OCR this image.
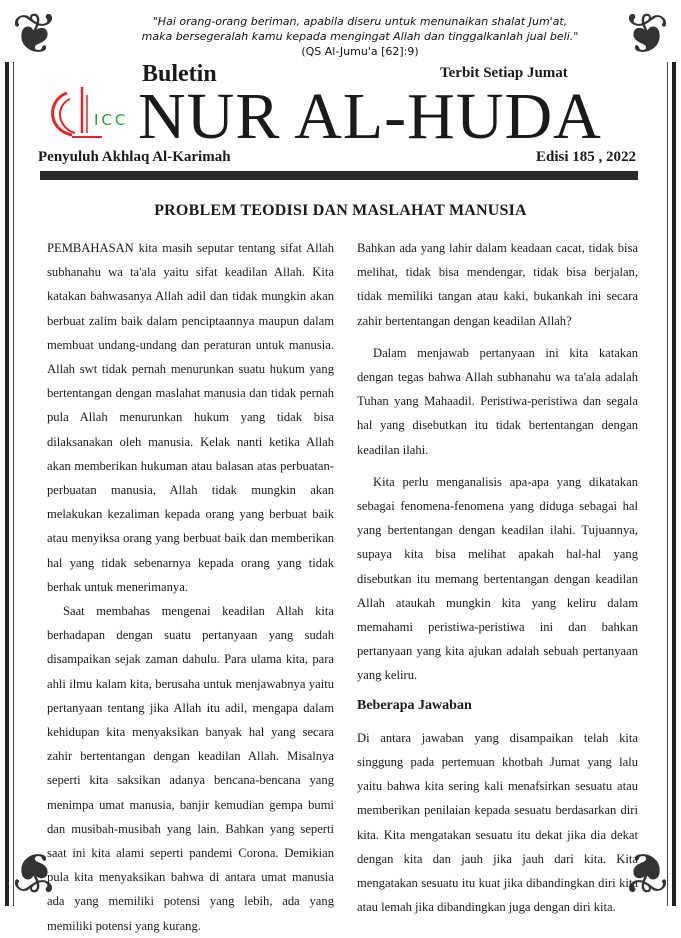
❦	❦
❦	❦
"Hai orang-orang beriman, apabila diseru untuk menunaikan shalat Jum'at,
maka bersegeralah kamu kepada mengingat Allah dan tinggalkanlah jual beli."
(QS Al-Jumu'a [62]:9)
Buletin	Terbit Setiap Jumat
ICC NUR AL-HUDA
Penyuluh Akhlaq Al-Karimah	Edisi 185 , 2022
PROBLEM TEODISI DAN MASLAHAT MANUSIA

PEMBAHASAN kita masih seputar tentang sifat Allah subhanahu wa ta'ala yaitu sifat keadilan Allah. Kita katakan bahwasanya Allah adil dan tidak mungkin akan berbuat zalim baik dalam penciptaannya maupun dalam membuat undang-undang dan peraturan untuk manusia. Allah swt tidak pernah menurunkan suatu hukum yang bertentangan dengan maslahat manusia dan tidak pernah pula Allah menurunkan hukum yang tidak bisa dilaksanakan oleh manusia. Kelak nanti ketika Allah akan memberikan hukuman atau balasan atas perbuatan-perbuatan manusia, Allah tidak mungkin akan melakukan kezaliman kepada orang yang berbuat baik atau menyiksa orang yang berbuat baik dan memberikan hal yang tidak sebenarnya kepada orang yang tidak berhak untuk menerimanya.

Saat membahas mengenai keadilan Allah kita berhadapan dengan suatu pertanyaan yang sudah disampaikan sejak zaman dahulu. Para ulama kita, para ahli ilmu kalam kita, berusaha untuk menjawabnya yaitu pertanyaan tentang jika Allah itu adil, mengapa dalam kehidupan kita menyaksikan banyak hal yang secara zahir bertentangan dengan keadilan Allah. Misalnya seperti kita saksikan adanya bencana-bencana yang menimpa umat manusia, banjir kemudian gempa bumi dan musibah-musibah yang lain. Bahkan yang seperti saat ini kita alami seperti pandemi Corona. Demikian pula kita menyaksikan bahwa di antara umat manusia ada yang memiliki potensi yang lebih, ada yang memiliki potensi yang kurang.

Bahkan ada yang lahir dalam keadaan cacat, tidak bisa melihat, tidak bisa mendengar, tidak bisa berjalan, tidak memiliki tangan atau kaki, bukankah ini secara zahir bertentangan dengan keadilan Allah?

Dalam menjawab pertanyaan ini kita katakan dengan tegas bahwa Allah subhanahu wa ta'ala adalah Tuhan yang Mahaadil. Peristiwa-peristiwa dan segala hal yang disebutkan itu tidak bertentangan dengan keadilan ilahi.

Kita perlu menganalisis apa-apa yang dikatakan sebagai fenomena-fenomena yang diduga sebagai hal yang bertentangan dengan keadilan ilahi. Tujuannya, supaya kita bisa melihat apakah hal-hal yang disebutkan itu memang bertentangan dengan keadilan Allah ataukah mungkin kita yang keliru dalam memahami peristiwa-peristiwa ini dan bahkan pertanyaan yang kita ajukan adalah sebuah pertanyaan yang keliru.

Beberapa Jawaban

Di antara jawaban yang disampaikan telah kita singgung pada pertemuan khotbah Jumat yang lalu yaitu bahwa kita sering kali menafsirkan sesuatu atau memberikan penilaian kepada sesuatu berdasarkan diri kita. Kita mengatakan sesuatu itu dekat jika dia dekat dengan kita dan jauh jika jauh dari kita. Kita mengatakan sesuatu itu kuat jika dibandingkan diri kita atau lemah jika dibandingkan juga dengan diri kita.
